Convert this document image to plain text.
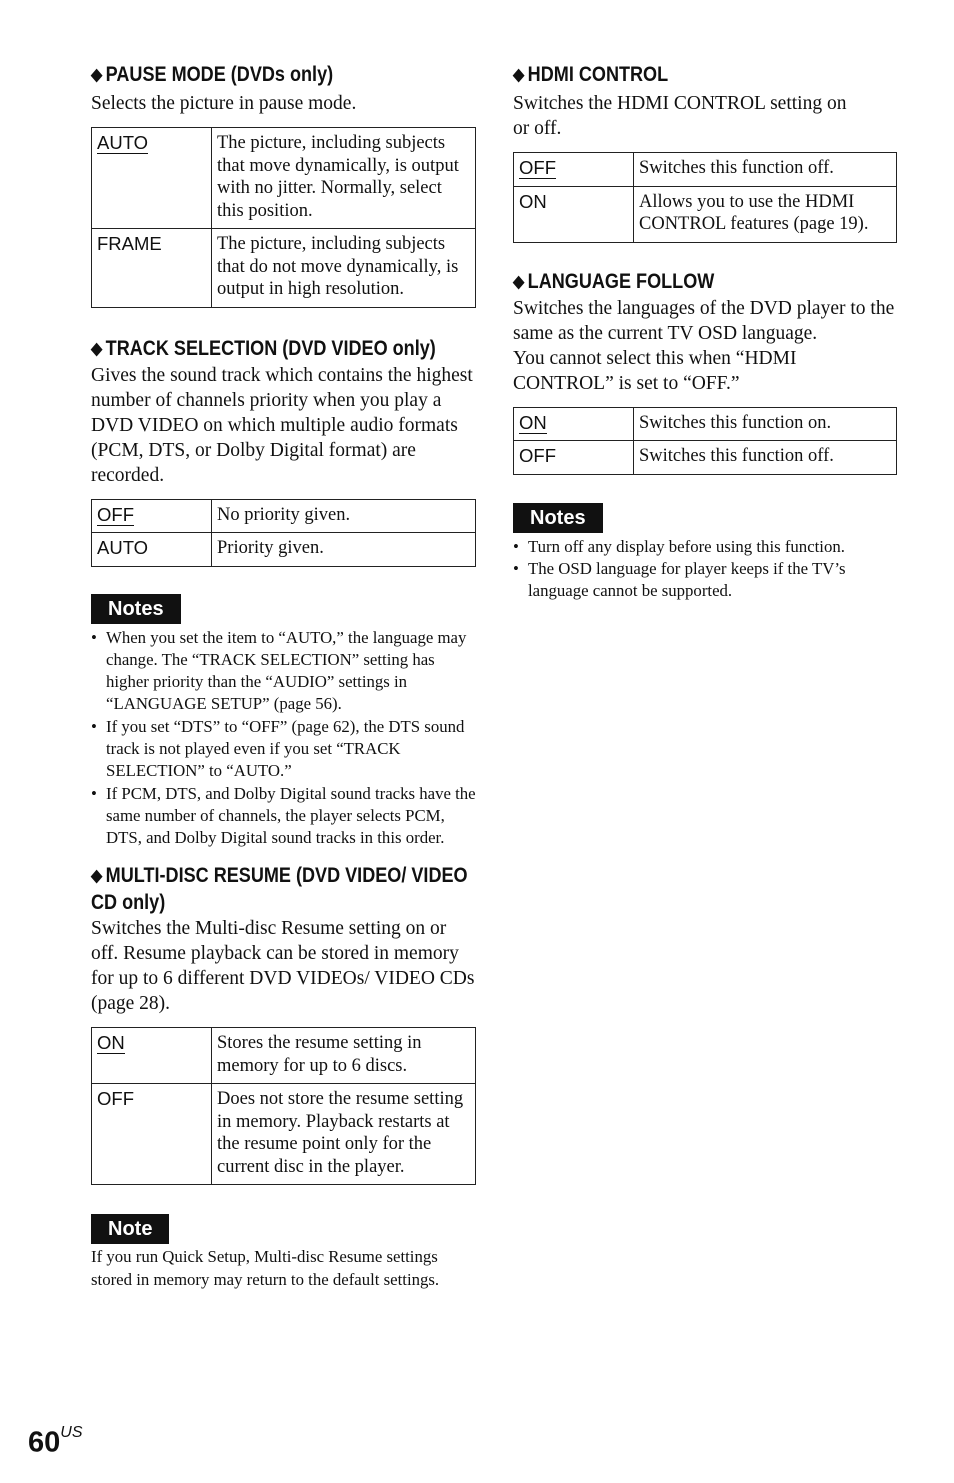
◆ PAUSE MODE (DVDs only)

Selects the picture in pause mode.

AUTO	The picture, including subjects that move dynamically, is output with no jitter. Normally, select this position.
FRAME	The picture, including subjects that do not move dynamically, is output in high resolution.
◆ TRACK SELECTION (DVD VIDEO only)

Gives the sound track which contains the highest number of channels priority when you play a DVD VIDEO on which multiple audio formats (PCM, DTS, or Dolby Digital format) are recorded.

OFF	No priority given.
AUTO	Priority given.
Notes
• When you set the item to “AUTO,” the language may change. The “TRACK SELECTION” setting has higher priority than the “AUDIO” settings in “LANGUAGE SETUP” (page 56).
• If you set “DTS” to “OFF” (page 62), the DTS sound track is not played even if you set “TRACK SELECTION” to “AUTO.”
• If PCM, DTS, and Dolby Digital sound tracks have the same number of channels, the player selects PCM, DTS, and Dolby Digital sound tracks in this order.
◆ MULTI-DISC RESUME (DVD VIDEO/ VIDEO CD only)

Switches the Multi-disc Resume setting on or off. Resume playback can be stored in memory for up to 6 different DVD VIDEOs/ VIDEO CDs (page 28).

ON	Stores the resume setting in memory for up to 6 discs.
OFF	Does not store the resume setting in memory. Playback restarts at the resume point only for the current disc in the player.
Note

If you run Quick Setup, Multi-disc Resume settings stored in memory may return to the default settings.

◆ HDMI CONTROL

Switches the HDMI CONTROL setting on or off.

OFF	Switches this function off.
ON	Allows you to use the HDMI CONTROL features (page 19).
◆ LANGUAGE FOLLOW

Switches the languages of the DVD player to the same as the current TV OSD language.

You cannot select this when “HDMI CONTROL” is set to “OFF.”

ON	Switches this function on.
OFF	Switches this function off.
Notes
• Turn off any display before using this function.
• The OSD language for player keeps if the TV’s language cannot be supported.
$60^{US}$
